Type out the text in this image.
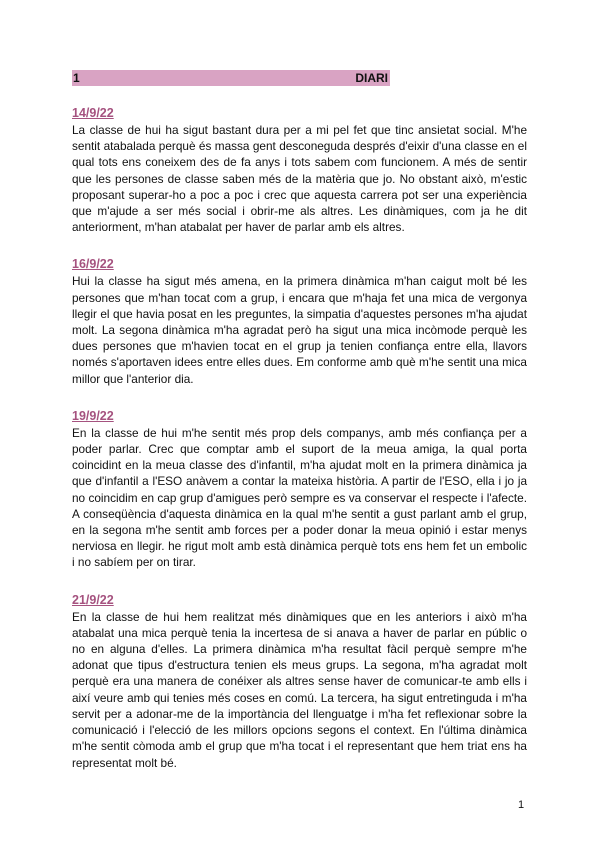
1	DIARI
14/9/22

La classe de hui ha sigut bastant dura per a mi pel fet que tinc ansietat social. M'he sentit atabalada perquè és massa gent desconeguda després d'eixir d'una classe en el qual tots ens coneixem des de fa anys i tots sabem com funcionem. A més de sentir que les persones de classe saben més de la matèria que jo. No obstant això, m'estic proposant superar-ho a poc a poc i crec que aquesta carrera pot ser una experiència que m'ajude a ser més social i obrir-me als altres. Les dinàmiques, com ja he dit anteriorment, m'han atabalat per haver de parlar amb els altres.

16/9/22

Hui la classe ha sigut més amena, en la primera dinàmica m'han caigut molt bé les persones que m'han tocat com a grup, i encara que m'haja fet una mica de vergonya llegir el que havia posat en les preguntes, la simpatia d'aquestes persones m'ha ajudat molt. La segona dinàmica m'ha agradat però ha sigut una mica incòmode perquè les dues persones que m'havien tocat en el grup ja tenien confiança entre ella, llavors només s'aportaven idees entre elles dues. Em conforme amb què m'he sentit una mica millor que l'anterior dia.

19/9/22

En la classe de hui m'he sentit més prop dels companys, amb més confiança per a poder parlar. Crec que comptar amb el suport de la meua amiga, la qual porta coincidint en la meua classe des d'infantil, m'ha ajudat molt en la primera dinàmica ja que d'infantil a l'ESO anàvem a contar la mateixa història. A partir de l'ESO, ella i jo ja no coincidim en cap grup d'amigues però sempre es va conservar el respecte i l'afecte. A conseqüència d'aquesta dinàmica en la qual m'he sentit a gust parlant amb el grup, en la segona m'he sentit amb forces per a poder donar la meua opinió i estar menys nerviosa en llegir. he rigut molt amb està dinàmica perquè tots ens hem fet un embolic i no sabíem per on tirar.

21/9/22

En la classe de hui hem realitzat més dinàmiques que en les anteriors i això m'ha atabalat una mica perquè tenia la incertesa de si anava a haver de parlar en públic o no en alguna d'elles. La primera dinàmica m'ha resultat fàcil perquè sempre m'he adonat que tipus d'estructura tenien els meus grups. La segona, m'ha agradat molt perquè era una manera de conéixer als altres sense haver de comunicar-te amb ells i així veure amb qui tenies més coses en comú. La tercera, ha sigut entretinguda i m'ha servit per a adonar-me de la importància del llenguatge i m'ha fet reflexionar sobre la comunicació i l'elecció de les millors opcions segons el context. En l'última dinàmica m'he sentit còmoda amb el grup que m'ha tocat i el representant que hem triat ens ha representat molt bé.

1
